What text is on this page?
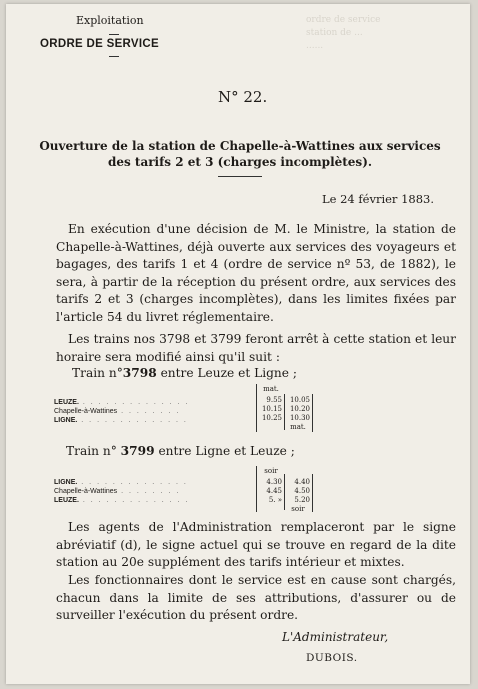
ordre de service
station de ...
......
Exploitation
ORDRE DE SERVICE
N° 22.
Ouverture de la station de Chapelle-à-Wattines aux services
des tarifs 2 et 3 (charges incomplètes).
Le 24 février 1883.
En exécution d'une décision de M. le Ministre, la station de Chapelle-à-Wattines, déjà ouverte aux services des voyageurs et bagages, des tarifs 1 et 4 (ordre de service nº 53, de 1882), le sera, à partir de la réception du présent ordre, aux services des tarifs 2 et 3 (charges incomplètes), dans les limites fixées par l'article 54 du livret réglementaire.
Les trains nos 3798 et 3799 feront arrêt à cette station et leur horaire sera modifié ainsi qu'il suit :
Train n°3798 entre Leuze et Ligne ;
mat.
LEUZE. . . . . . . . . . . . . . .
Chapelle-à-Wattines . . . . . . . .
LIGNE. . . . . . . . . . . . . . .
9.55
10.15
10.25
10.05
10.20
10.30
mat.
Train n° 3799 entre Ligne et Leuze ;
soir
LIGNE. . . . . . . . . . . . . . .
Chapelle-à-Wattines . . . . . . . .
LEUZE. . . . . . . . . . . . . . .
4.30
4.45
5. »
4.40
4.50
5.20
soir
Les agents de l'Administration remplaceront par le signe abréviatif (d), le signe actuel qui se trouve en regard de la dite station au 20e supplément des tarifs intérieur et mixtes.
Les fonctionnaires dont le service est en cause sont chargés, chacun dans la limite de ses attributions, d'assurer ou de surveiller l'exécution du présent ordre.
L'Administrateur,
DUBOIS.
